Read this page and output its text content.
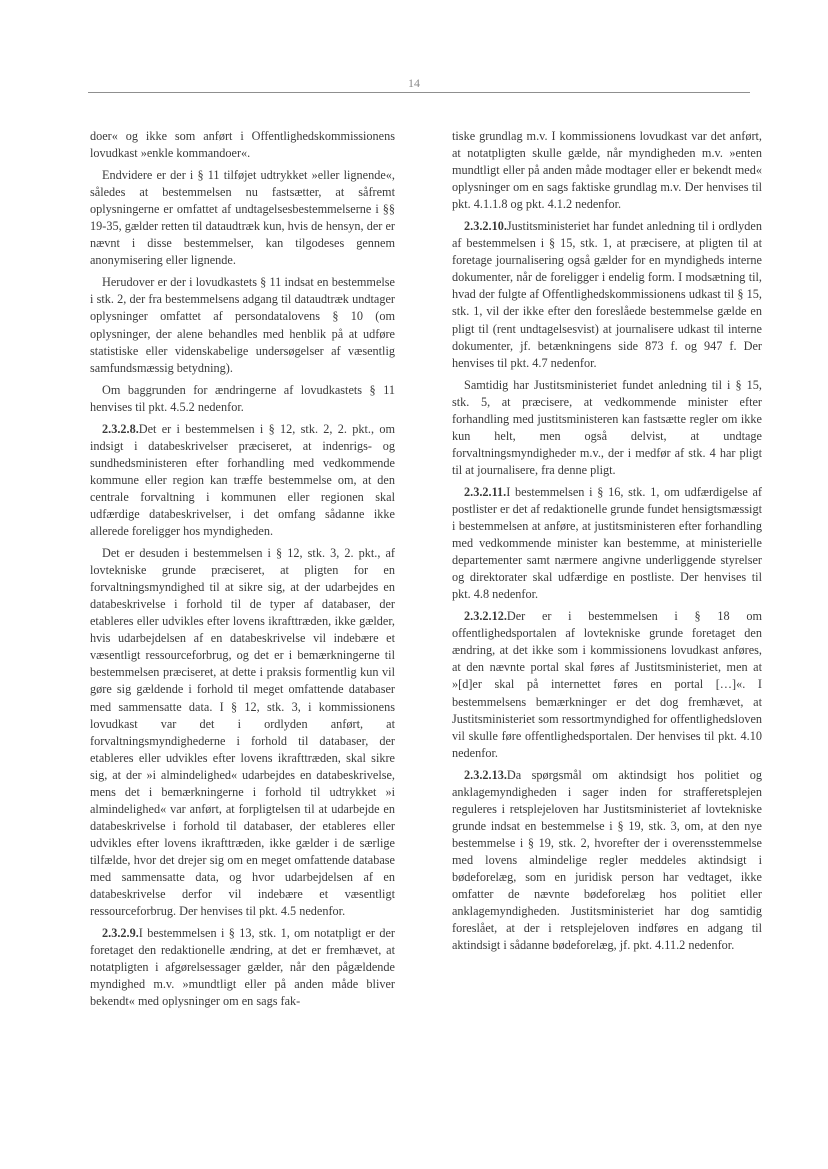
14

doer« og ikke som anført i Offentlighedskommissionens lovudkast »enkle kommandoer«.

Endvidere er der i § 11 tilføjet udtrykket »eller lignende«, således at bestemmelsen nu fastsætter, at såfremt oplysningerne er omfattet af undtagelsesbestemmelserne i §§ 19-35, gælder retten til dataudtræk kun, hvis de hensyn, der er nævnt i disse bestemmelser, kan tilgodeses gennem anonymisering eller lignende.

Herudover er der i lovudkastets § 11 indsat en bestemmelse i stk. 2, der fra bestemmelsens adgang til dataudtræk undtager oplysninger omfattet af persondatalovens § 10 (om oplysninger, der alene behandles med henblik på at udføre statistiske eller videnskabelige undersøgelser af væsentlig samfundsmæssig betydning).

Om baggrunden for ændringerne af lovudkastets § 11 henvises til pkt. 4.5.2 nedenfor.

2.3.2.8.Det er i bestemmelsen i § 12, stk. 2, 2. pkt., om indsigt i databeskrivelser præciseret, at indenrigs- og sundhedsministeren efter forhandling med vedkommende kommune eller region kan træffe bestemmelse om, at den centrale forvaltning i kommunen eller regionen skal udfærdige databeskrivelser, i det omfang sådanne ikke allerede foreligger hos myndigheden.

Det er desuden i bestemmelsen i § 12, stk. 3, 2. pkt., af lovtekniske grunde præciseret, at pligten for en forvaltningsmyndighed til at sikre sig, at der udarbejdes en databeskrivelse i forhold til de typer af databaser, der etableres eller udvikles efter lovens ikrafttræden, ikke gælder, hvis udarbejdelsen af en databeskrivelse vil indebære et væsentligt ressourceforbrug, og det er i bemærkningerne til bestemmelsen præciseret, at dette i praksis formentlig kun vil gøre sig gældende i forhold til meget omfattende databaser med sammensatte data. I § 12, stk. 3, i kommissionens lovudkast var det i ordlyden anført, at forvaltningsmyndighederne i forhold til databaser, der etableres eller udvikles efter lovens ikrafttræden, skal sikre sig, at der »i almindelighed« udarbejdes en databeskrivelse, mens det i bemærkningerne i forhold til udtrykket »i almindelighed« var anført, at forpligtelsen til at udarbejde en databeskrivelse i forhold til databaser, der etableres eller udvikles efter lovens ikrafttræden, ikke gælder i de særlige tilfælde, hvor det drejer sig om en meget omfattende database med sammensatte data, og hvor udarbejdelsen af en databeskrivelse derfor vil indebære et væsentligt ressourceforbrug. Der henvises til pkt. 4.5 nedenfor.

2.3.2.9.I bestemmelsen i § 13, stk. 1, om notatpligt er der foretaget den redaktionelle ændring, at det er fremhævet, at notatpligten i afgørelsessager gælder, når den pågældende myndighed m.v. »mundtligt eller på anden måde bliver bekendt« med oplysninger om en sags fak-

tiske grundlag m.v. I kommissionens lovudkast var det anført, at notatpligten skulle gælde, når myndigheden m.v. »enten mundtligt eller på anden måde modtager eller er bekendt med« oplysninger om en sags faktiske grundlag m.v. Der henvises til pkt. 4.1.1.8 og pkt. 4.1.2 nedenfor.

2.3.2.10.Justitsministeriet har fundet anledning til i ordlyden af bestemmelsen i § 15, stk. 1, at præcisere, at pligten til at foretage journalisering også gælder for en myndigheds interne dokumenter, når de foreligger i endelig form. I modsætning til, hvad der fulgte af Offentlighedskommissionens udkast til § 15, stk. 1, vil der ikke efter den foreslåede bestemmelse gælde en pligt til (rent undtagelsesvist) at journalisere udkast til interne dokumenter, jf. betænkningens side 873 f. og 947 f. Der henvises til pkt. 4.7 nedenfor.

Samtidig har Justitsministeriet fundet anledning til i § 15, stk. 5, at præcisere, at vedkommende minister efter forhandling med justitsministeren kan fastsætte regler om ikke kun helt, men også delvist, at undtage forvaltningsmyndigheder m.v., der i medfør af stk. 4 har pligt til at journalisere, fra denne pligt.

2.3.2.11.I bestemmelsen i § 16, stk. 1, om udfærdigelse af postlister er det af redaktionelle grunde fundet hensigtsmæssigt i bestemmelsen at anføre, at justitsministeren efter forhandling med vedkommende minister kan bestemme, at ministerielle departementer samt nærmere angivne underliggende styrelser og direktorater skal udfærdige en postliste. Der henvises til pkt. 4.8 nedenfor.

2.3.2.12.Der er i bestemmelsen i § 18 om offentlighedsportalen af lovtekniske grunde foretaget den ændring, at det ikke som i kommissionens lovudkast anføres, at den nævnte portal skal føres af Justitsministeriet, men at »[d]er skal på internettet føres en portal […]«. I bestemmelsens bemærkninger er det dog fremhævet, at Justitsministeriet som ressortmyndighed for offentlighedsloven vil skulle føre offentlighedsportalen. Der henvises til pkt. 4.10 nedenfor.

2.3.2.13.Da spørgsmål om aktindsigt hos politiet og anklagemyndigheden i sager inden for strafferetsplejen reguleres i retsplejeloven har Justitsministeriet af lovtekniske grunde indsat en bestemmelse i § 19, stk. 3, om, at den nye bestemmelse i § 19, stk. 2, hvorefter der i overensstemmelse med lovens almindelige regler meddeles aktindsigt i bødeforelæg, som en juridisk person har vedtaget, ikke omfatter de nævnte bødeforelæg hos politiet eller anklagemyndigheden. Justitsministeriet har dog samtidig foreslået, at der i retsplejeloven indføres en adgang til aktindsigt i sådanne bødeforelæg, jf. pkt. 4.11.2 nedenfor.
